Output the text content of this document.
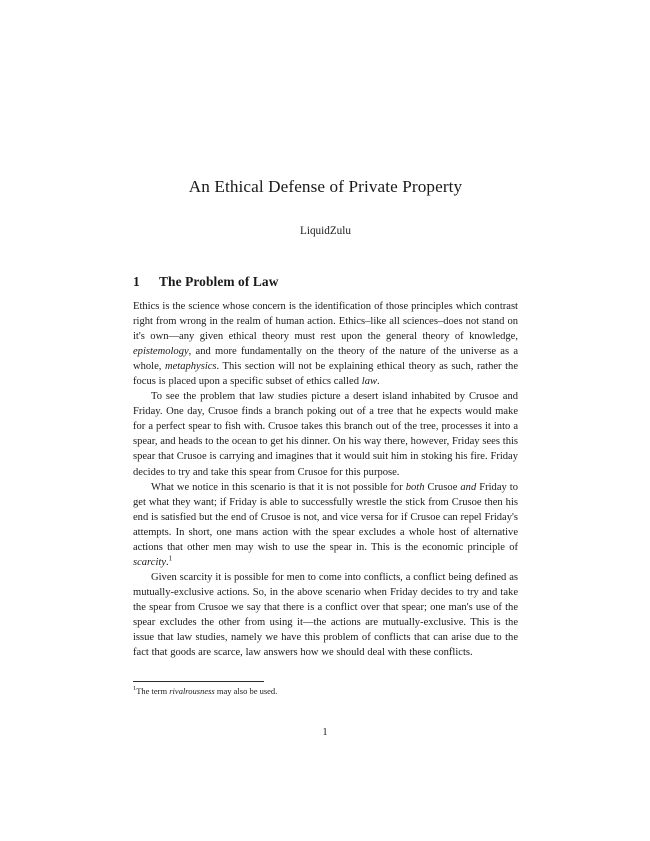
An Ethical Defense of Private Property
LiquidZulu
1 The Problem of Law

Ethics is the science whose concern is the identification of those principles which contrast right from wrong in the realm of human action. Ethics–like all sciences–does not stand on it's own—any given ethical theory must rest upon the general theory of knowledge, epistemology, and more fundamentally on the theory of the nature of the universe as a whole, metaphysics. This section will not be explaining ethical theory as such, rather the focus is placed upon a specific subset of ethics called law.

To see the problem that law studies picture a desert island inhabited by Crusoe and Friday. One day, Crusoe finds a branch poking out of a tree that he expects would make for a perfect spear to fish with. Crusoe takes this branch out of the tree, processes it into a spear, and heads to the ocean to get his dinner. On his way there, however, Friday sees this spear that Crusoe is carrying and imagines that it would suit him in stoking his fire. Friday decides to try and take this spear from Crusoe for this purpose.

What we notice in this scenario is that it is not possible for both Crusoe and Friday to get what they want; if Friday is able to successfully wrestle the stick from Crusoe then his end is satisfied but the end of Crusoe is not, and vice versa for if Crusoe can repel Friday's attempts. In short, one mans action with the spear excludes a whole host of alternative actions that other men may wish to use the spear in. This is the economic principle of scarcity.$^1$

Given scarcity it is possible for men to come into conflicts, a conflict being defined as mutually-exclusive actions. So, in the above scenario when Friday decides to try and take the spear from Crusoe we say that there is a conflict over that spear; one man's use of the spear excludes the other from using it—the actions are mutually-exclusive. This is the issue that law studies, namely we have this problem of conflicts that can arise due to the fact that goods are scarce, law answers how we should deal with these conflicts.

$^1$The term rivalrousness may also be used.

1
